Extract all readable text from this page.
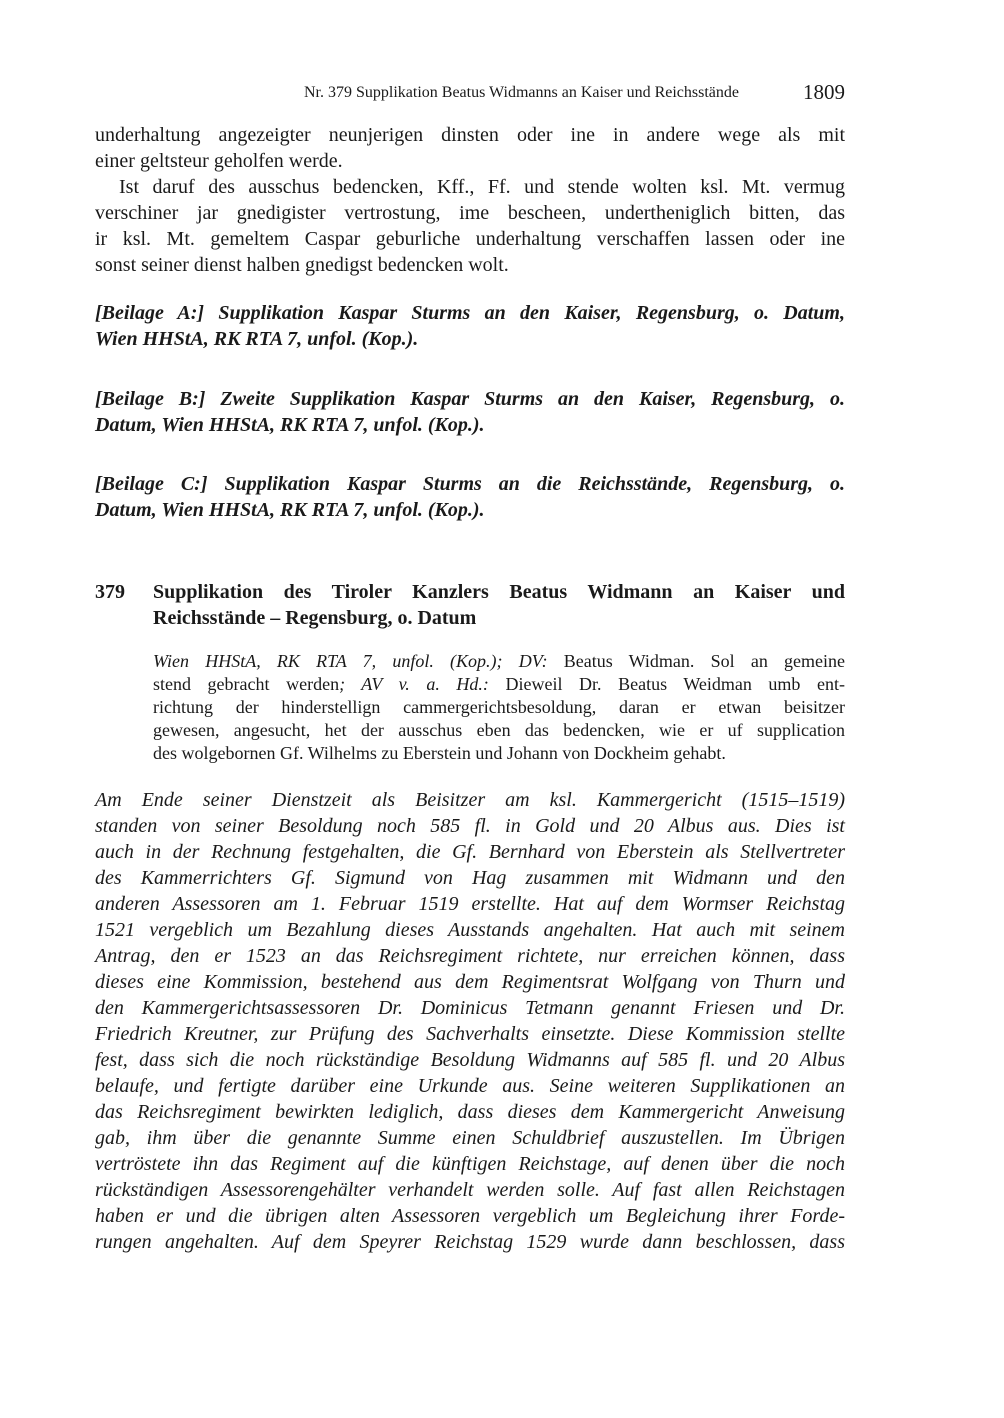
Nr. 379 Supplikation Beatus Widmanns an Kaiser und Reichsstände	1809
underhaltung angezeigter neunjerigen dinsten oder ine in andere wege als mit
einer geltsteur geholfen werde.
Ist daruf des ausschus bedencken, Kff., Ff. und stende wolten ksl. Mt. vermug
verschiner jar gnedigister vertrostung, ime bescheen, undertheniglich bitten, das
ir ksl. Mt. gemeltem Caspar geburliche underhaltung verschaffen lassen oder ine
sonst seiner dienst halben gnedigst bedencken wolt.
[Beilage A:] Supplikation Kaspar Sturms an den Kaiser, Regensburg, o. Datum,
Wien HHStA, RK RTA 7, unfol. (Kop.).
[Beilage B:] Zweite Supplikation Kaspar Sturms an den Kaiser, Regensburg, o.
Datum, Wien HHStA, RK RTA 7, unfol. (Kop.).
[Beilage C:] Supplikation Kaspar Sturms an die Reichsstände, Regensburg, o.
Datum, Wien HHStA, RK RTA 7, unfol. (Kop.).
379 Supplikation des Tiroler Kanzlers Beatus Widmann an Kaiser und
Reichsstände – Regensburg, o. Datum
Wien HHStA, RK RTA 7, unfol. (Kop.); DV: Beatus Widman. Sol an gemeine
stend gebracht werden; AV v. a. Hd.: Dieweil Dr. Beatus Weidman umb ent-
richtung der hinderstellign cammergerichtsbesoldung, daran er etwan beisitzer
gewesen, angesucht, het der ausschus eben das bedencken, wie er uf supplication
des wolgebornen Gf. Wilhelms zu Eberstein und Johann von Dockheim gehabt.
Am Ende seiner Dienstzeit als Beisitzer am ksl. Kammergericht (1515–1519)
standen von seiner Besoldung noch 585 fl. in Gold und 20 Albus aus. Dies ist
auch in der Rechnung festgehalten, die Gf. Bernhard von Eberstein als Stellvertreter
des Kammerrichters Gf. Sigmund von Hag zusammen mit Widmann und den
anderen Assessoren am 1. Februar 1519 erstellte. Hat auf dem Wormser Reichstag
1521 vergeblich um Bezahlung dieses Ausstands angehalten. Hat auch mit seinem
Antrag, den er 1523 an das Reichsregiment richtete, nur erreichen können, dass
dieses eine Kommission, bestehend aus dem Regimentsrat Wolfgang von Thurn und
den Kammergerichtsassessoren Dr. Dominicus Tetmann genannt Friesen und Dr.
Friedrich Kreutner, zur Prüfung des Sachverhalts einsetzte. Diese Kommission stellte
fest, dass sich die noch rückständige Besoldung Widmanns auf 585 fl. und 20 Albus
belaufe, und fertigte darüber eine Urkunde aus. Seine weiteren Supplikationen an
das Reichsregiment bewirkten lediglich, dass dieses dem Kammergericht Anweisung
gab, ihm über die genannte Summe einen Schuldbrief auszustellen. Im Übrigen
vertröstete ihn das Regiment auf die künftigen Reichstage, auf denen über die noch
rückständigen Assessorengehälter verhandelt werden solle. Auf fast allen Reichstagen
haben er und die übrigen alten Assessoren vergeblich um Begleichung ihrer Forde-
rungen angehalten. Auf dem Speyrer Reichstag 1529 wurde dann beschlossen, dass
